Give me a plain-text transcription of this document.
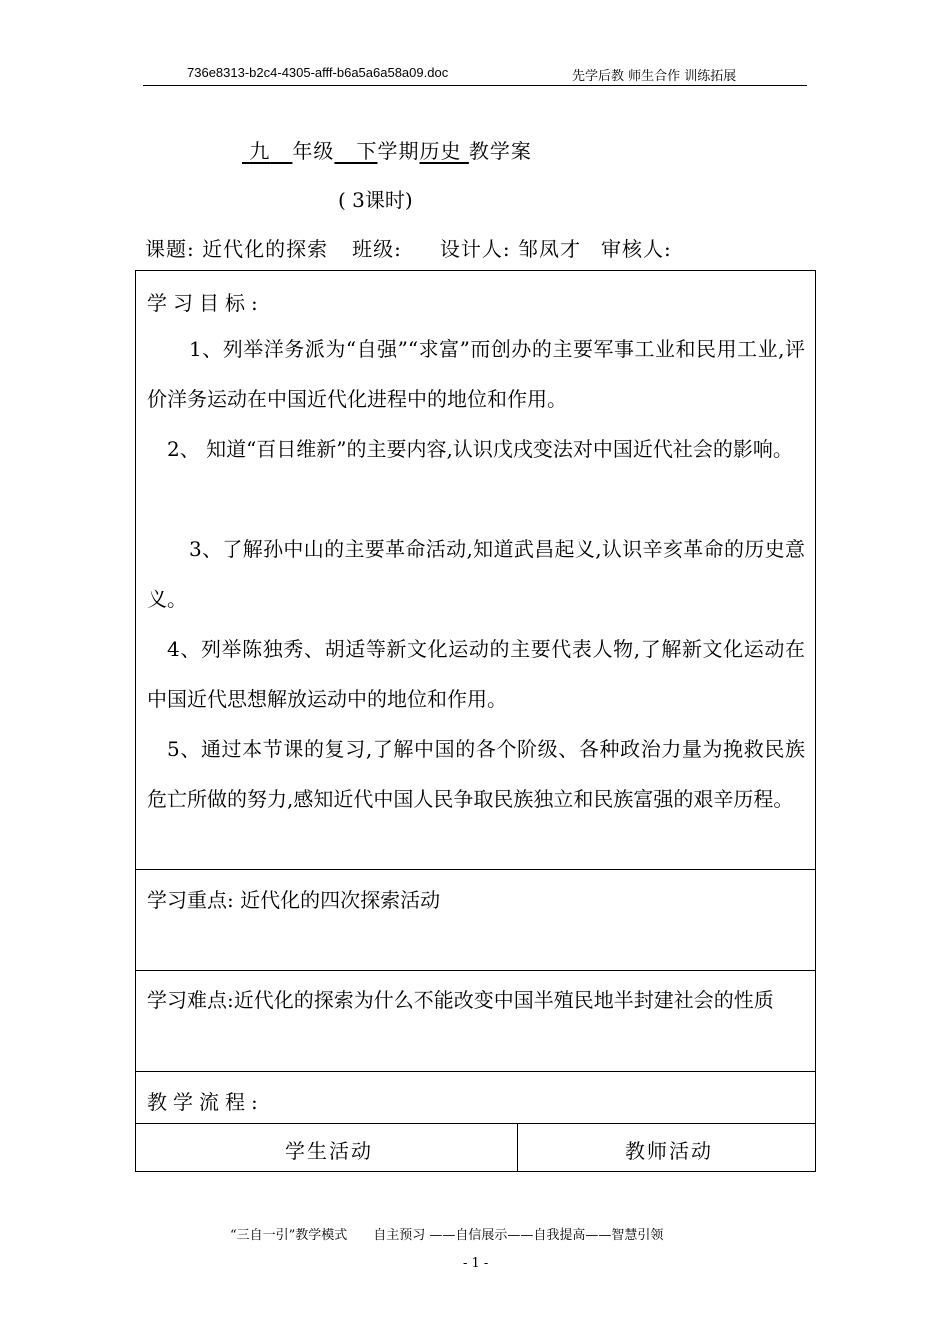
736e8313-b2c4-4305-afff-b6a5a6a58a09.doc	先学后教 师生合作 训练拓展
九 年级 下学期历史 教学案
( 3课时)
课题: 近代化的探索 班级: 设计人: 邹凤才 审核人:
学习目标:
1、列举洋务派为“自强”“求富”而创办的主要军事工业和民用工业,评价洋务运动在中国近代化进程中的地位和作用。
2、 知道“百日维新”的主要内容,认识戊戌变法对中国近代社会的影响。
3、了解孙中山的主要革命活动,知道武昌起义,认识辛亥革命的历史意义。
4、列举陈独秀、胡适等新文化运动的主要代表人物,了解新文化运动在中国近代思想解放运动中的地位和作用。
5、通过本节课的复习,了解中国的各个阶级、各种政治力量为挽救民族危亡所做的努力,感知近代中国人民争取民族独立和民族富强的艰辛历程。
学习重点: 近代化的四次探索活动
学习难点:近代化的探索为什么不能改变中国半殖民地半封建社会的性质
教学流程:
学生活动	教师活动
“三自一引”教学模式　　自主预习 ——自信展示——自我提高——智慧引领
- 1 -
